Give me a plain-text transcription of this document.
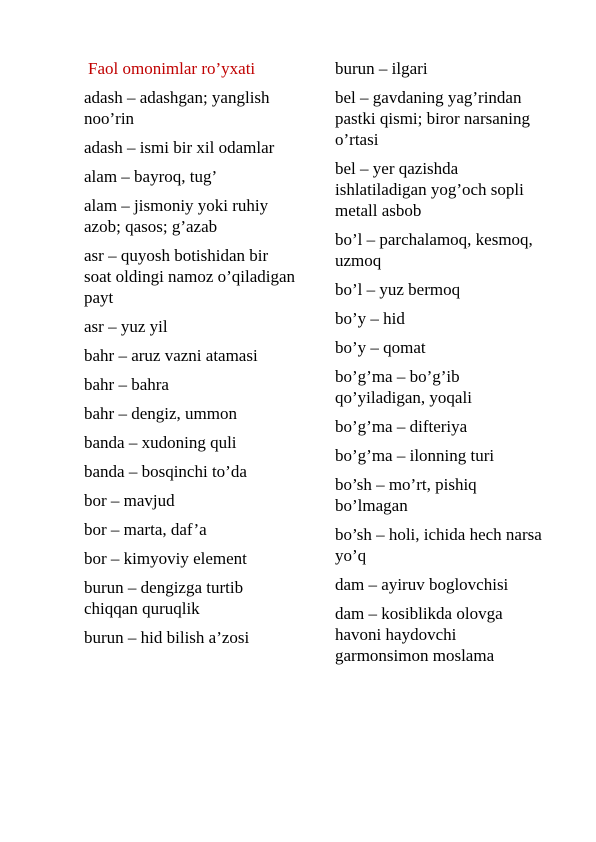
Faol omonimlar ro’yxati

adash – adashgan; yanglish noo’rin

adash – ismi bir xil odamlar

alam – bayroq, tug’

alam – jismoniy yoki ruhiy azob; qasos; g’azab

asr – quyosh botishidan bir soat oldingi namoz o’qiladigan payt

asr – yuz yil

bahr – aruz vazni atamasi

bahr – bahra

bahr – dengiz, ummon

banda – xudoning quli

banda – bosqinchi to’da

bor – mavjud

bor – marta, daf’a

bor – kimyoviy element

burun – dengizga turtib chiqqan quruqlik

burun – hid bilish a’zosi

burun – ilgari

bel – gavdaning yag’rindan pastki qismi; biror narsaning o’rtasi

bel – yer qazishda ishlatiladigan yog’och sopli metall asbob

bo’l – parchalamoq, kesmoq, uzmoq

bo’l – yuz bermoq

bo’y – hid

bo’y – qomat

bo’g’ma – bo’g’ib qo’yiladigan, yoqali

bo’g’ma – difteriya

bo’g’ma – ilonning turi

bo’sh – mo’rt, pishiq bo’lmagan

bo’sh – holi, ichida hech narsa yo’q

dam – ayiruv boglovchisi

dam – kosiblikda olovga havoni haydovchi garmonsimon moslama
